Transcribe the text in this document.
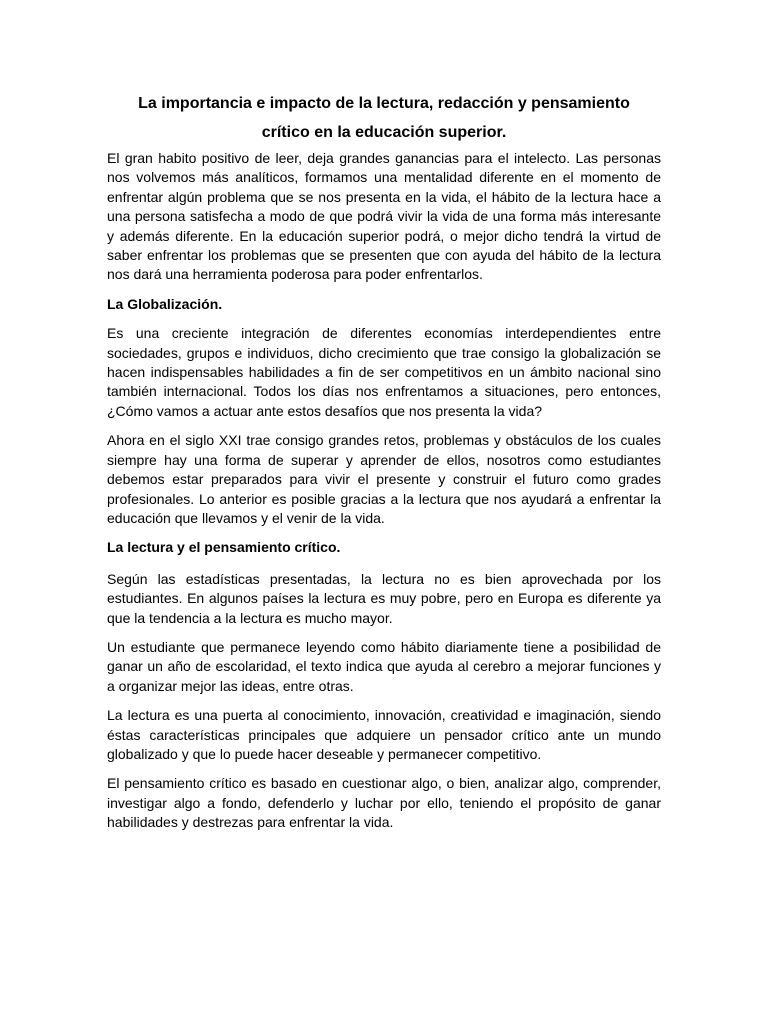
La importancia e impacto de la lectura, redacción y pensamiento
crítico en la educación superior.

El gran habito positivo de leer, deja grandes ganancias para el intelecto. Las personas nos volvemos más analíticos, formamos una mentalidad diferente en el momento de enfrentar algún problema que se nos presenta en la vida, el hábito de la lectura hace a una persona satisfecha a modo de que podrá vivir la vida de una forma más interesante y además diferente. En la educación superior podrá, o mejor dicho tendrá la virtud de saber enfrentar los problemas que se presenten que con ayuda del hábito de la lectura nos dará una herramienta poderosa para poder enfrentarlos.

La Globalización.

Es una creciente integración de diferentes economías interdependientes entre sociedades, grupos e individuos, dicho crecimiento que trae consigo la globalización se hacen indispensables habilidades a fin de ser competitivos en un ámbito nacional sino también internacional. Todos los días nos enfrentamos a situaciones, pero entonces, ¿Cómo vamos a actuar ante estos desafíos que nos presenta la vida?

Ahora en el siglo XXI trae consigo grandes retos, problemas y obstáculos de los cuales siempre hay una forma de superar y aprender de ellos, nosotros como estudiantes debemos estar preparados para vivir el presente y construir el futuro como grades profesionales. Lo anterior es posible gracias a la lectura que nos ayudará a enfrentar la educación que llevamos y el venir de la vida.

La lectura y el pensamiento crítico.

Según las estadísticas presentadas, la lectura no es bien aprovechada por los estudiantes. En algunos países la lectura es muy pobre, pero en Europa es diferente ya que la tendencia a la lectura es mucho mayor.

Un estudiante que permanece leyendo como hábito diariamente tiene a posibilidad de ganar un año de escolaridad, el texto indica que ayuda al cerebro a mejorar funciones y a organizar mejor las ideas, entre otras.

La lectura es una puerta al conocimiento, innovación, creatividad e imaginación, siendo éstas características principales que adquiere un pensador crítico ante un mundo globalizado y que lo puede hacer deseable y permanecer competitivo.

El pensamiento crítico es basado en cuestionar algo, o bien, analizar algo, comprender, investigar algo a fondo, defenderlo y luchar por ello, teniendo el propósito de ganar habilidades y destrezas para enfrentar la vida.
